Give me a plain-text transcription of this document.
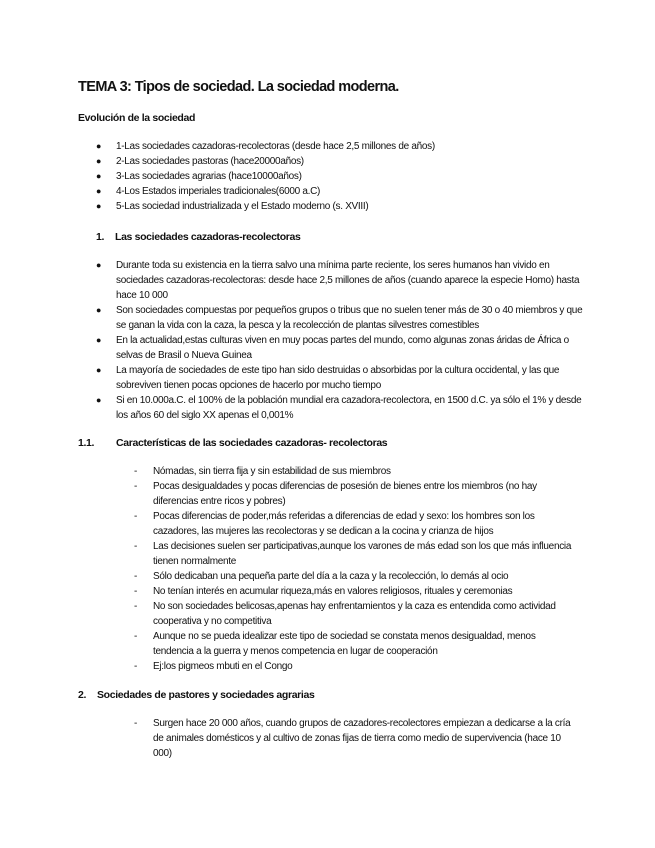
TEMA 3: Tipos de sociedad. La sociedad moderna.
Evolución de la sociedad
● 1-Las sociedades cazadoras-recolectoras (desde hace 2,5 millones de años)
● 2-Las sociedades pastoras (hace20000años)
● 3-Las sociedades agrarias (hace10000años)
● 4-Los Estados imperiales tradicionales(6000 a.C)
● 5-Las sociedad industrializada y el Estado moderno (s. XVIII)
1. Las sociedades cazadoras-recolectoras
● Durante toda su existencia en la tierra salvo una mínima parte reciente, los seres humanos han vivido en sociedades cazadoras-recolectoras: desde hace 2,5 millones de años (cuando aparece la especie Homo) hasta hace 10 000
● Son sociedades compuestas por pequeños grupos o tribus que no suelen tener más de 30 o 40 miembros y que se ganan la vida con la caza, la pesca y la recolección de plantas silvestres comestibles
● En la actualidad,estas culturas viven en muy pocas partes del mundo, como algunas zonas áridas de África o selvas de Brasil o Nueva Guinea
● La mayoría de sociedades de este tipo han sido destruidas o absorbidas por la cultura occidental, y las que sobreviven tienen pocas opciones de hacerlo por mucho tiempo
● Si en 10.000a.C. el 100% de la población mundial era cazadora-recolectora, en 1500 d.C. ya sólo el 1% y desde los años 60 del siglo XX apenas el 0,001%
1.1. Características de las sociedades cazadoras- recolectoras
- Nómadas, sin tierra fija y sin estabilidad de sus miembros
- Pocas desigualdades y pocas diferencias de posesión de bienes entre los miembros (no hay diferencias entre ricos y pobres)
- Pocas diferencias de poder,más referidas a diferencias de edad y sexo: los hombres son los cazadores, las mujeres las recolectoras y se dedican a la cocina y crianza de hijos
- Las decisiones suelen ser participativas,aunque los varones de más edad son los que más influencia tienen normalmente
- Sólo dedicaban una pequeña parte del día a la caza y la recolección, lo demás al ocio
- No tenían interés en acumular riqueza,más en valores religiosos, rituales y ceremonias
- No son sociedades belicosas,apenas hay enfrentamientos y la caza es entendida como actividad cooperativa y no competitiva
- Aunque no se pueda idealizar este tipo de sociedad se constata menos desigualdad, menos tendencia a la guerra y menos competencia en lugar de cooperación
- Ej:los pigmeos mbuti en el Congo
2. Sociedades de pastores y sociedades agrarias
- Surgen hace 20 000 años, cuando grupos de cazadores-recolectores empiezan a dedicarse a la cría de animales domésticos y al cultivo de zonas fijas de tierra como medio de supervivencia (hace 10 000)
